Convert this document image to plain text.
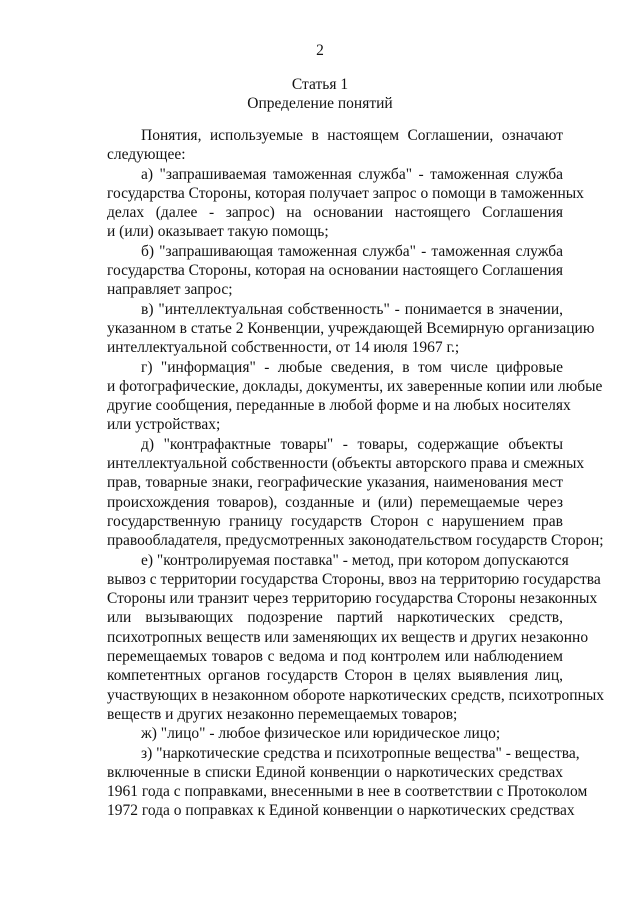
2
Статья 1
Определение понятий
Понятия, используемые в настоящем Соглашении, означают
следующее:
а) "запрашиваемая таможенная служба" - таможенная служба
государства Стороны, которая получает запрос о помощи в таможенных
делах (далее - запрос) на основании настоящего Соглашения
и (или) оказывает такую помощь;
б) "запрашивающая таможенная служба" - таможенная служба
государства Стороны, которая на основании настоящего Соглашения
направляет запрос;
в) "интеллектуальная собственность" - понимается в значении,
указанном в статье 2 Конвенции, учреждающей Всемирную организацию
интеллектуальной собственности, от 14 июля 1967 г.;
г) "информация" - любые сведения, в том числе цифровые
и фотографические, доклады, документы, их заверенные копии или любые
другие сообщения, переданные в любой форме и на любых носителях
или устройствах;
д) "контрафактные товары" - товары, содержащие объекты
интеллектуальной собственности (объекты авторского права и смежных
прав, товарные знаки, географические указания, наименования мест
происхождения товаров), созданные и (или) перемещаемые через
государственную границу государств Сторон с нарушением прав
правообладателя, предусмотренных законодательством государств Сторон;
е) "контролируемая поставка" - метод, при котором допускаются
вывоз с территории государства Стороны, ввоз на территорию государства
Стороны или транзит через территорию государства Стороны незаконных
или вызывающих подозрение партий наркотических средств,
психотропных веществ или заменяющих их веществ и других незаконно
перемещаемых товаров с ведома и под контролем или наблюдением
компетентных органов государств Сторон в целях выявления лиц,
участвующих в незаконном обороте наркотических средств, психотропных
веществ и других незаконно перемещаемых товаров;
ж) "лицо" - любое физическое или юридическое лицо;
з) "наркотические средства и психотропные вещества" - вещества,
включенные в списки Единой конвенции о наркотических средствах
1961 года с поправками, внесенными в нее в соответствии с Протоколом
1972 года о поправках к Единой конвенции о наркотических средствах
